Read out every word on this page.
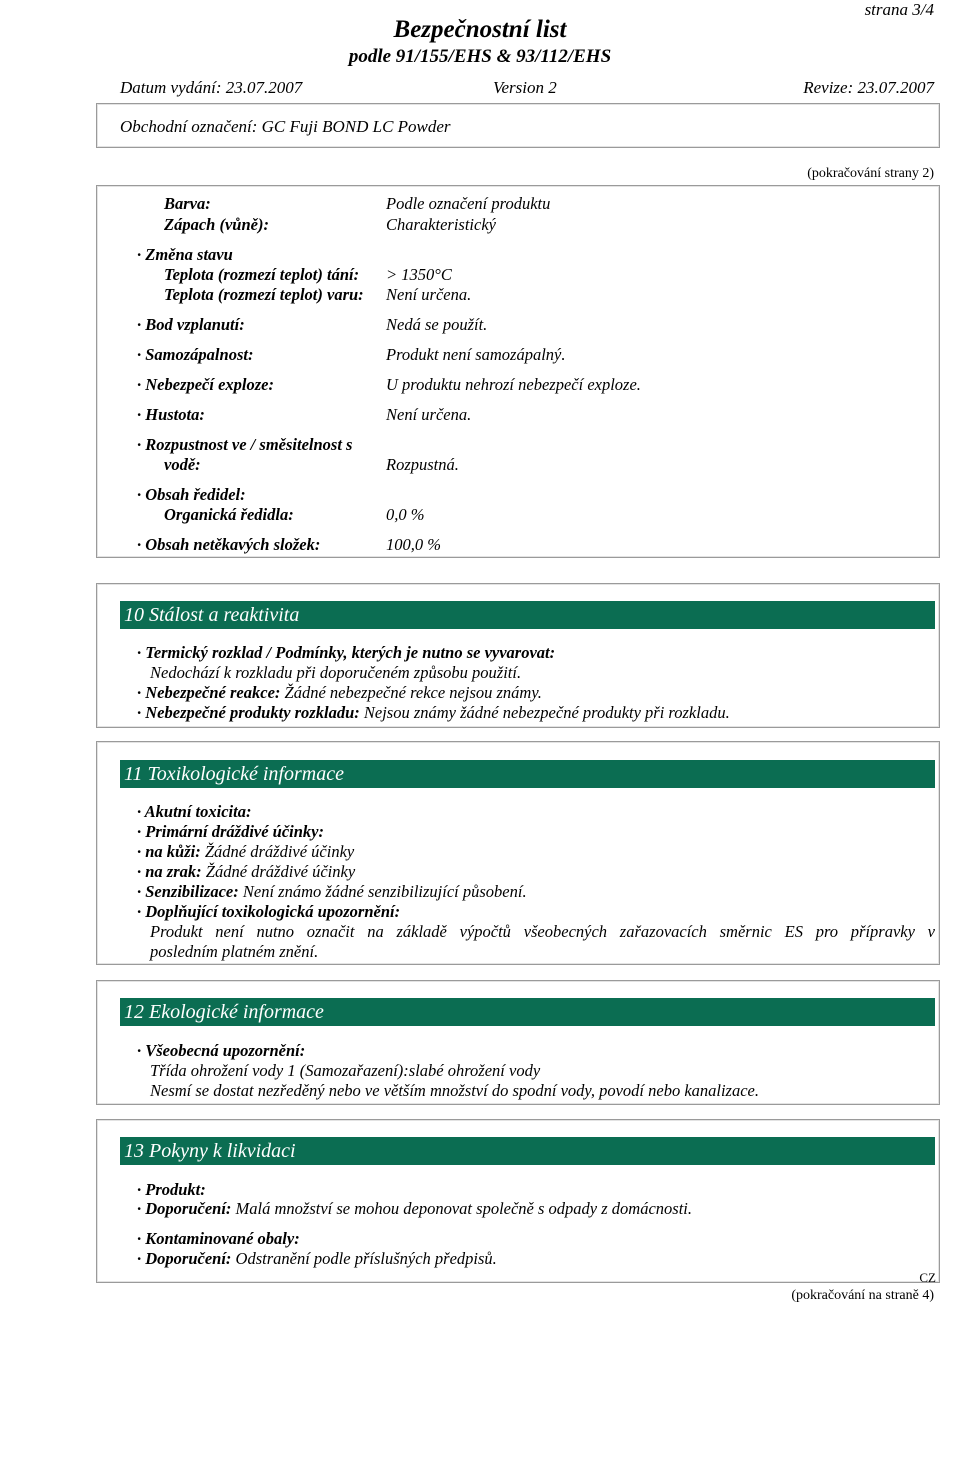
strana 3/4
Bezpečnostní list
podle 91/155/EHS & 93/112/EHS
Datum vydání: 23.07.2007	Version 2	Revize: 23.07.2007
Obchodní označení: GC Fuji BOND LC Powder
(pokračování strany 2)
Barva:	Podle označení produktu
Zápach (vůně):	Charakteristický
· Změna stavu
Teplota (rozmezí teplot) tání: > 1350°C
Teplota (rozmezí teplot) varu: Není určena.
· Bod vzplanutí:	Nedá se použít.
· Samozápalnost:	Produkt není samozápalný.
· Nebezpečí exploze:	U produktu nehrozí nebezpečí exploze.
· Hustota:	Není určena.
· Rozpustnost ve / směsitelnost s
vodě:	Rozpustná.
· Obsah ředidel:
Organická ředidla:	0,0 %
· Obsah netěkavých složek:	100,0 %
10 Stálost a reaktivita
· Termický rozklad / Podmínky, kterých je nutno se vyvarovat:
Nedochází k rozkladu při doporučeném způsobu použití.
· Nebezpečné reakce: Žádné nebezpečné rekce nejsou známy.
· Nebezpečné produkty rozkladu: Nejsou známy žádné nebezpečné produkty při rozkladu.
11 Toxikologické informace
· Akutní toxicita:
· Primární dráždivé účinky:
· na kůži: Žádné dráždivé účinky
· na zrak: Žádné dráždivé účinky
· Senzibilizace: Není známo žádné senzibilizující působení.
· Doplňující toxikologická upozornění:
Produkt není nutno označit na základě výpočtů všeobecných zařazovacích směrnic ES pro přípravky v
posledním platném znění.
12 Ekologické informace
· Všeobecná upozornění:
Třída ohrožení vody 1 (Samozařazení):slabé ohrožení vody
Nesmí se dostat nezředěný nebo ve větším množství do spodní vody, povodí nebo kanalizace.
13 Pokyny k likvidaci
· Produkt:
· Doporučení: Malá množství se mohou deponovat společně s odpady z domácnosti.
· Kontaminované obaly:
· Doporučení: Odstranění podle příslušných předpisů.
CZ
(pokračování na straně 4)
